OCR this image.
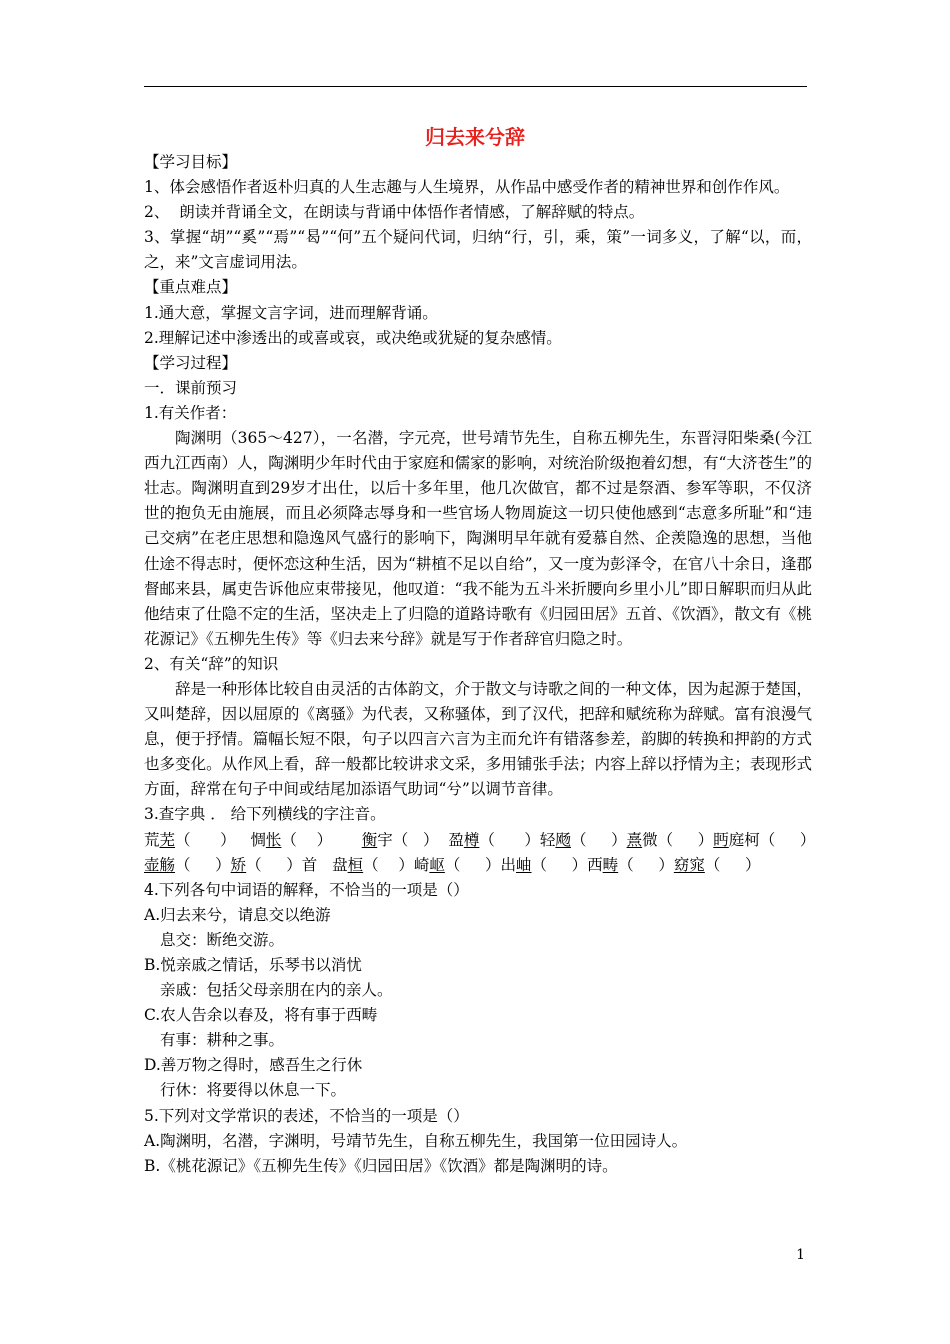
归去来兮辞

【学习目标】

1、体会感悟作者返朴归真的人生志趣与人生境界，从作品中感受作者的精神世界和创作作风。

2、  朗读并背诵全文，在朗读与背诵中体悟作者情感，了解辞赋的特点。

3、掌握“胡”“奚”“焉”“曷”“何”五个疑问代词，归纳“行，引，乘，策”一词多义，了解“以，而，之，来”文言虚词用法。

【重点难点】

1.通大意，掌握文言字词，进而理解背诵。

2.理解记述中渗透出的或喜或哀，或决绝或犹疑的复杂感情。

【学习过程】

一．课前预习

1.有关作者：

陶渊明（365～427），一名潜，字元亮，世号靖节先生，自称五柳先生，东晋浔阳柴桑(今江西九江西南）人，陶渊明少年时代由于家庭和儒家的影响，对统治阶级抱着幻想，有“大济苍生”的壮志。陶渊明直到29岁才出仕，以后十多年里，他几次做官，都不过是祭酒、参军等职，不仅济世的抱负无由施展，而且必须降志辱身和一些官场人物周旋这一切只使他感到“志意多所耻”和“违己交病”在老庄思想和隐逸风气盛行的影响下，陶渊明早年就有爱慕自然、企羡隐逸的思想，当他仕途不得志时，便怀恋这种生活，因为“耕植不足以自给”，又一度为彭泽令，在官八十余日，逢郡督邮来县，属吏告诉他应束带接见，他叹道：“我不能为五斗米折腰向乡里小儿”即日解职而归从此他结束了仕隐不定的生活，坚决走上了归隐的道路诗歌有《归园田居》五首、《饮酒》，散文有《桃花源记》《五柳先生传》等《归去来兮辞》就是写于作者辞官归隐之时。

2、有关“辞”的知识

辞是一种形体比较自由灵活的古体韵文，介于散文与诗歌之间的一种文体，因为起源于楚国，又叫楚辞，因以屈原的《离骚》为代表，又称骚体，到了汉代，把辞和赋统称为辞赋。富有浪漫气息，便于抒情。篇幅长短不限，句子以四言六言为主而允许有错落参差，韵脚的转换和押韵的方式也多变化。从作风上看，辞一般都比较讲求文采，多用铺张手法；内容上辞以抒情为主；表现形式方面，辞常在句子中间或结尾加添语气助词“兮”以调节音律。

3.查字典 ． 给下列横线的字注音。

荒芜（      ）   惆怅（    ）      衡宇（   ）  盈樽（      ）轻飏（     ）熹微（     ）眄庭柯（     ）

壶觞（     ）矫（     ）首   盘桓（    ）崎岖（     ）出岫（     ）西畴（     ）窈窕（     ）

4.下列各句中词语的解释，不恰当的一项是（）

A.归去来兮，请息交以绝游

息交：断绝交游。

B.悦亲戚之情话，乐琴书以消忧

亲戚：包括父母亲朋在内的亲人。

C.农人告余以春及，将有事于西畴

有事：耕种之事。

D.善万物之得时，感吾生之行休

行休：将要得以休息一下。

5.下列对文学常识的表述，不恰当的一项是（）

A.陶渊明，名潜，字渊明，号靖节先生，自称五柳先生，我国第一位田园诗人。

B.《桃花源记》《五柳先生传》《归园田居》《饮酒》都是陶渊明的诗。

1
